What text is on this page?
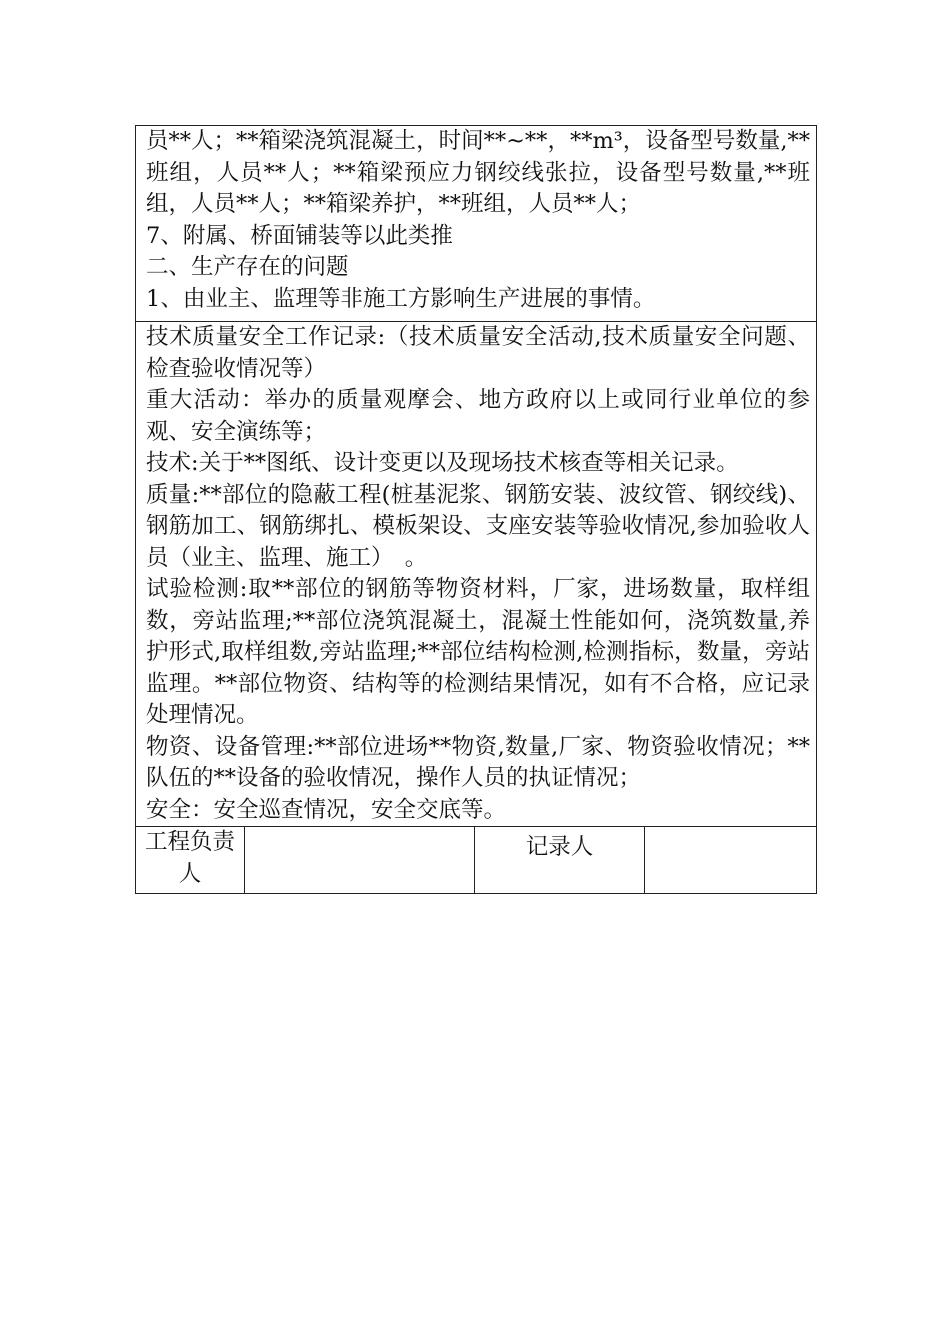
员**人；**箱梁浇筑混凝土，时间**~**，**m³，设备型号数量,**班组，人员**人；**箱梁预应力钢绞线张拉，设备型号数量,**班组，人员**人；**箱梁养护，**班组，人员**人；

7、附属、桥面铺装等以此类推

二、生产存在的问题

1、由业主、监理等非施工方影响生产进展的事情。

技术质量安全工作记录:（技术质量安全活动,技术质量安全问题、检查验收情况等）

重大活动：举办的质量观摩会、地方政府以上或同行业单位的参观、安全演练等；

技术:关于**图纸、设计变更以及现场技术核查等相关记录。

质量:**部位的隐蔽工程(桩基泥浆、钢筋安装、波纹管、钢绞线)、钢筋加工、钢筋绑扎、模板架设、支座安装等验收情况,参加验收人员（业主、监理、施工）　。

试验检测:取**部位的钢筋等物资材料，厂家，进场数量，取样组数，旁站监理;**部位浇筑混凝土，混凝土性能如何，浇筑数量,养护形式,取样组数,旁站监理;**部位结构检测,检测指标，数量，旁站监理。**部位物资、结构等的检测结果情况，如有不合格，应记录处理情况。

物资、设备管理:**部位进场**物资,数量,厂家、物资验收情况；**队伍的**设备的验收情况，操作人员的执证情况；

安全：安全巡查情况，安全交底等。

工程负责人

记录人
